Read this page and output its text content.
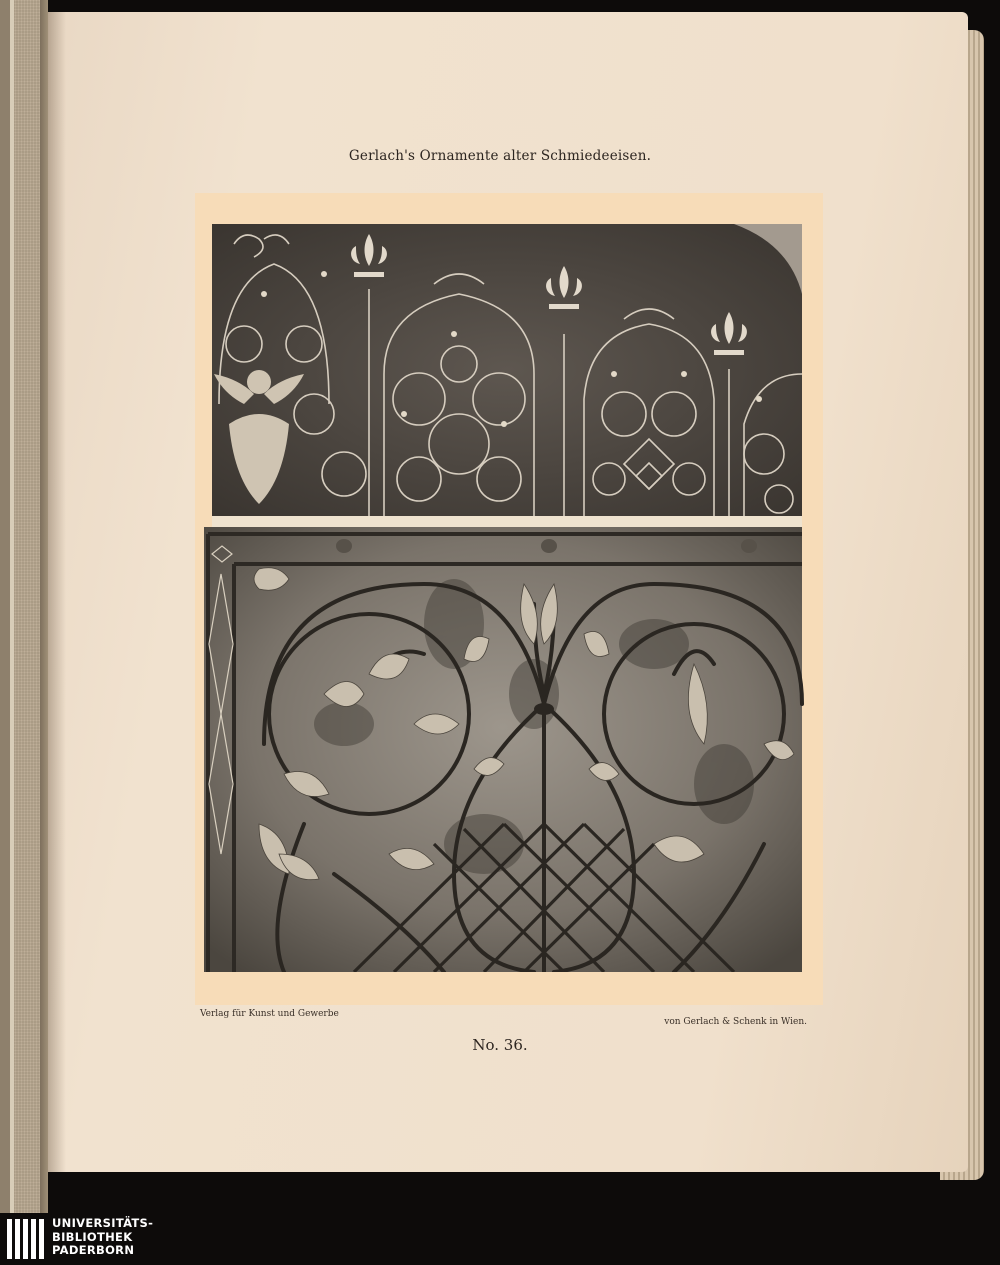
Gerlach's Ornamente alter Schmiedeeisen.
Verlag für Kunst und Gewerbe
von Gerlach & Schenk in Wien.
No. 36.
UNIVERSITÄTS-
BIBLIOTHEK
PADERBORN
